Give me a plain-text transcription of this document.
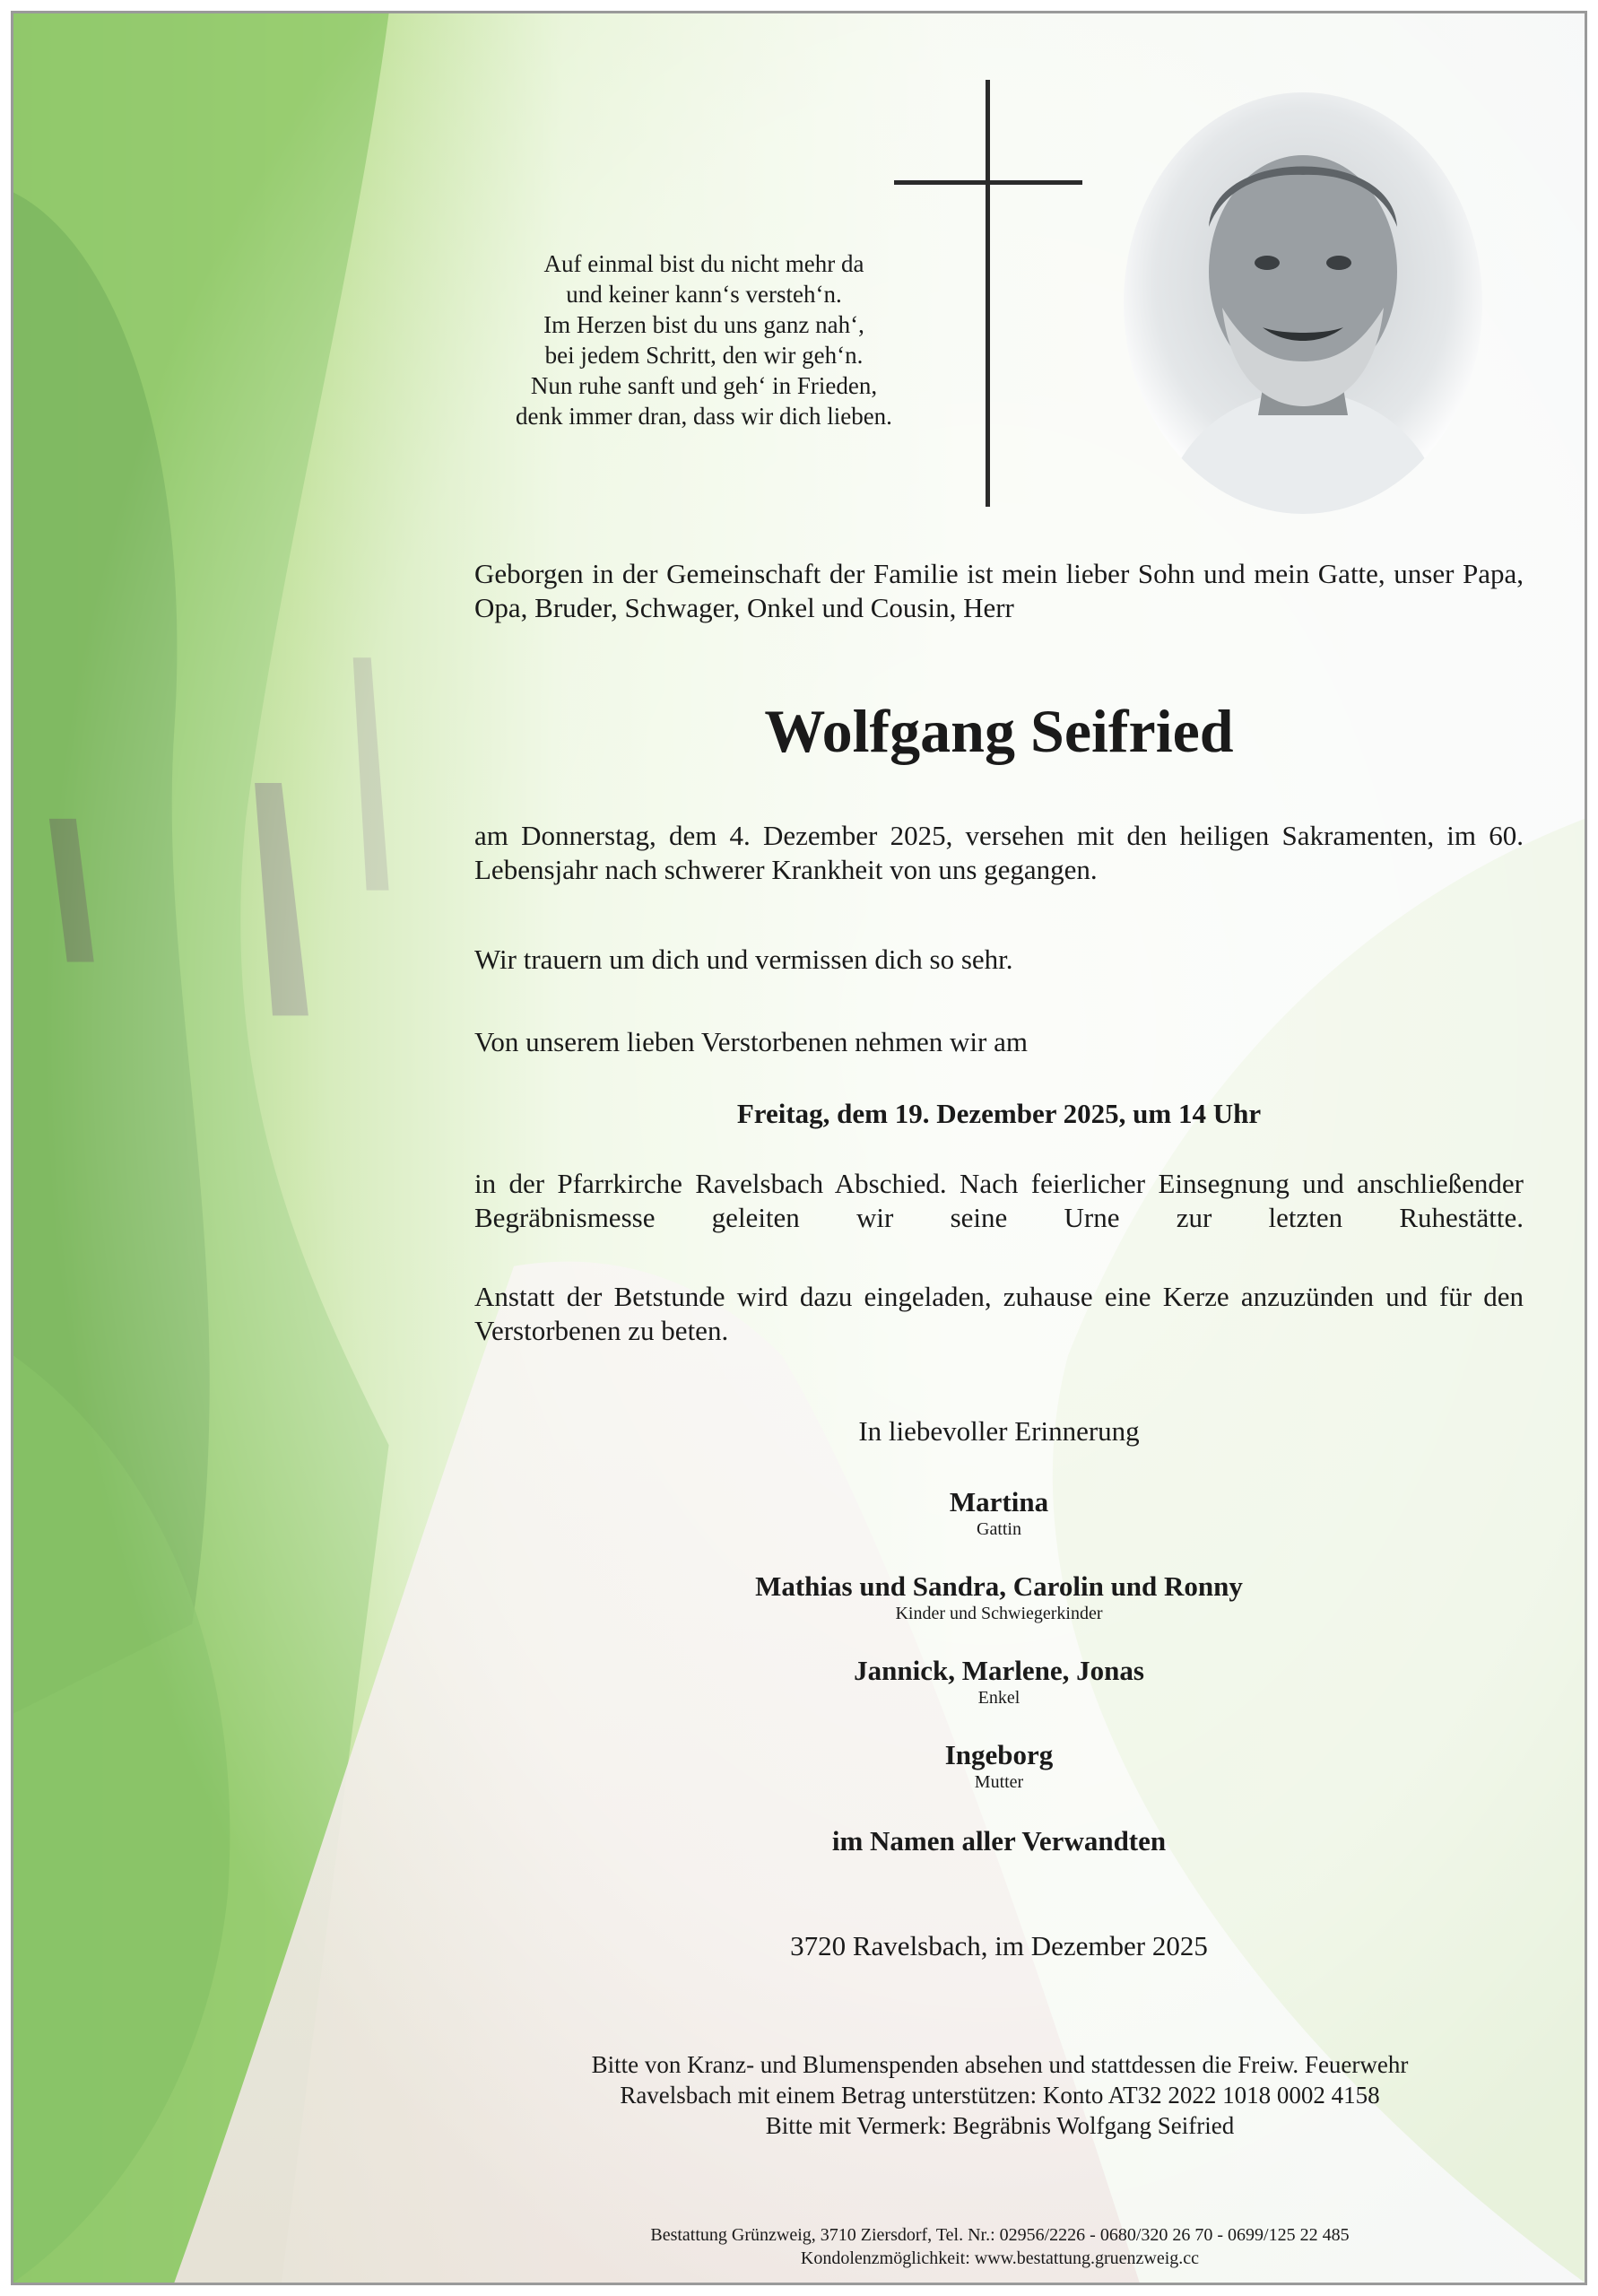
Auf einmal bist du nicht mehr da
und keiner kann‘s versteh‘n.
Im Herzen bist du uns ganz nah‘,
bei jedem Schritt, den wir geh‘n.
Nun ruhe sanft und geh‘ in Frieden,
denk immer dran, dass wir dich lieben.
Geborgen in der Gemeinschaft der Familie ist mein lieber Sohn und mein Gatte, unser Papa, Opa, Bruder, Schwager, Onkel und Cousin, Herr
Wolfgang Seifried
am Donnerstag, dem 4. Dezember 2025, versehen mit den heiligen Sakramenten, im 60. Lebensjahr nach schwerer Krankheit von uns gegangen.
Wir trauern um dich und vermissen dich so sehr.
Von unserem lieben Verstorbenen nehmen wir am
Freitag, dem 19. Dezember 2025, um 14 Uhr
in der Pfarrkirche Ravelsbach Abschied. Nach feierlicher Einsegnung und anschließender Begräbnismesse geleiten wir seine Urne zur letzten Ruhestätte.
Anstatt der Betstunde wird dazu eingeladen, zuhause eine Kerze anzuzünden und für den Verstorbenen zu beten.
In liebevoller Erinnerung
Martina
Gattin
Mathias und Sandra, Carolin und Ronny
Kinder und Schwiegerkinder
Jannick, Marlene, Jonas
Enkel
Ingeborg
Mutter
im Namen aller Verwandten
3720 Ravelsbach, im Dezember 2025
Bitte von Kranz- und Blumenspenden absehen und stattdessen die Freiw. Feuerwehr
Ravelsbach mit einem Betrag unterstützen: Konto AT32 2022 1018 0002 4158
Bitte mit Vermerk: Begräbnis Wolfgang Seifried
Bestattung Grünzweig, 3710 Ziersdorf, Tel. Nr.: 02956/2226 - 0680/320 26 70 - 0699/125 22 485
Kondolenzmöglichkeit: www.bestattung.gruenzweig.cc
